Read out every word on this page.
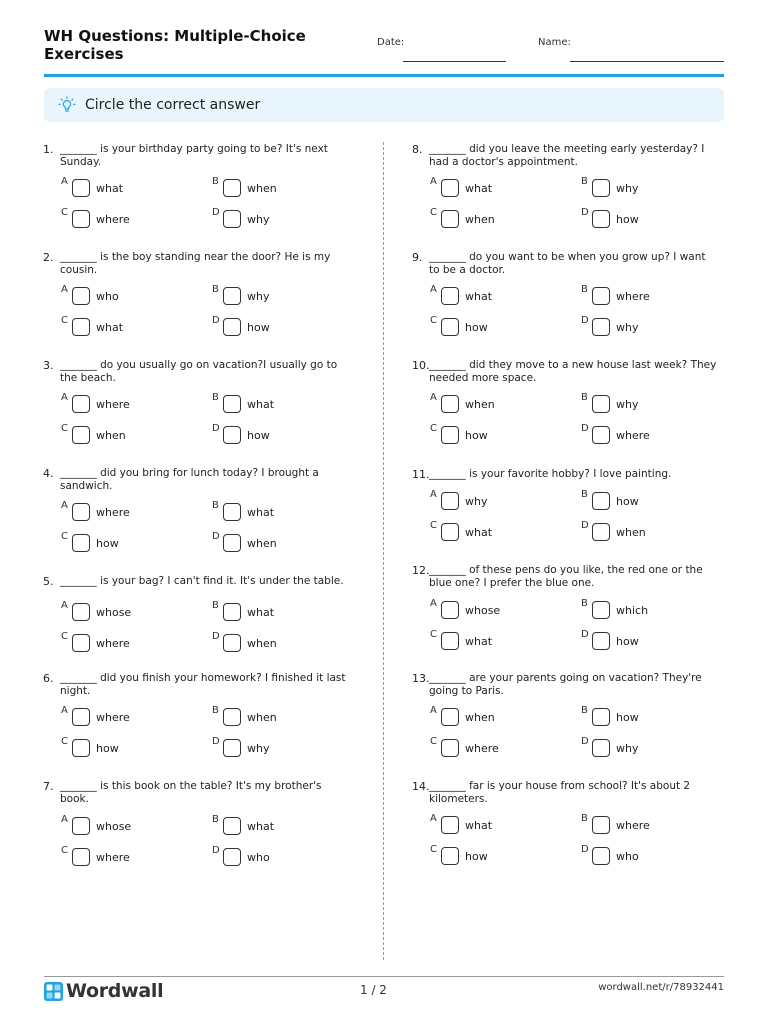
WH Questions: Multiple-Choice
Exercises
Date:	Name:
Circle the correct answer
1. _______ is your birthday party going to be? It's next Sunday.
A
what
B
when
C
where
D
why
2. _______ is the boy standing near the door? He is my cousin.
A
who
B
why
C
what
D
how
3. _______ do you usually go on vacation?I usually go to the beach.
A
where
B
what
C
when
D
how
4. _______ did you bring for lunch today? I brought a sandwich.
A
where
B
what
C
how
D
when
5. _______ is your bag? I can't find it. It's under the table.
A
whose
B
what
C
where
D
when
6. _______ did you finish your homework? I finished it last night.
A
where
B
when
C
how
D
why
7. _______ is this book on the table? It's my brother's book.
A
whose
B
what
C
where
D
who
8. _______ did you leave the meeting early yesterday? I had a doctor's appointment.
A
what
B
why
C
when
D
how
9. _______ do you want to be when you grow up? I want to be a doctor.
A
what
B
where
C
how
D
why
10. _______ did they move to a new house last week? They needed more space.
A
when
B
why
C
how
D
where
11. _______ is your favorite hobby? I love painting.
A
why
B
how
C
what
D
when
12. _______ of these pens do you like, the red one or the blue one? I prefer the blue one.
A
whose
B
which
C
what
D
how
13. _______ are your parents going on vacation? They're going to Paris.
A
when
B
how
C
where
D
why
14. _______ far is your house from school? It's about 2 kilometers.
A
what
B
where
C
how
D
who
Wordwall	1 / 2	wordwall.net/r/78932441
